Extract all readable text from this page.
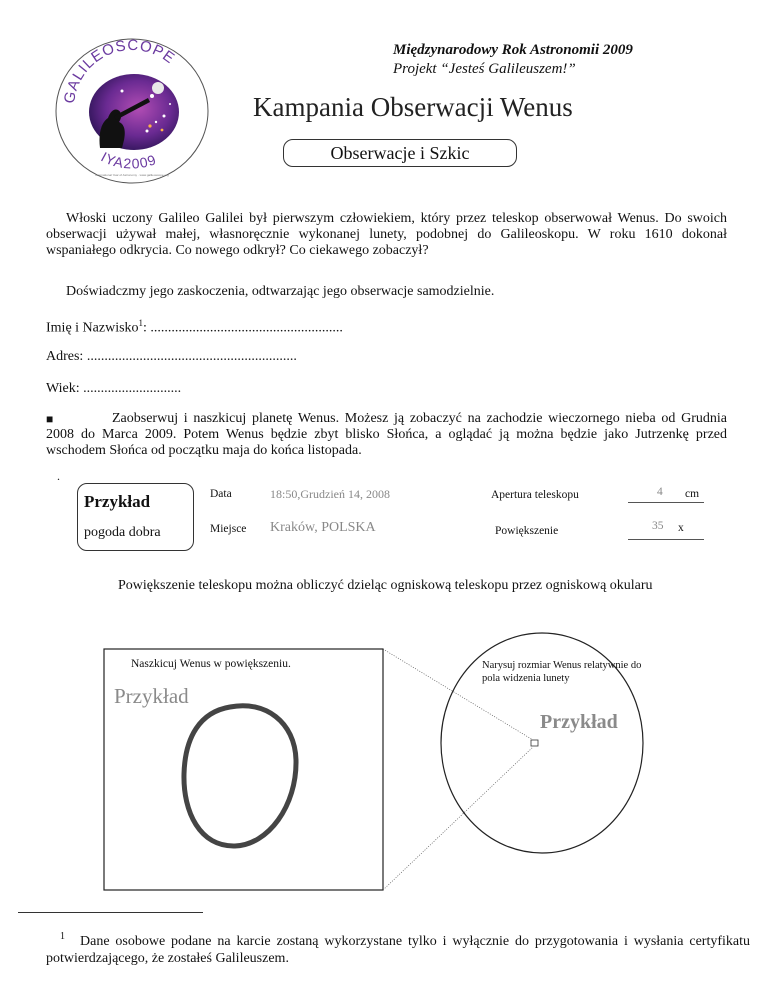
GALILEOSCOPE
IYA2009
International Year of Astronomy · www.galileoscope.org
Międzynarodowy Rok Astronomii 2009
Projekt “Jesteś Galileuszem!”
Kampania Obserwacji Wenus
Obserwacje i Szkic
Włoski uczony Galileo Galilei był pierwszym człowiekiem, który przez teleskop obserwował Wenus. Do swoich obserwacji używał małej, własnoręcznie wykonanej lunety, podobnej do Galileoskopu. W roku 1610 dokonał wspaniałego odkrycia. Co nowego odkrył? Co ciekawego zobaczył?
Doświadczmy jego zaskoczenia, odtwarzając jego obserwacje samodzielnie.
Imię i Nazwisko$^1$: .......................................................
Adres: ............................................................
Wiek: ............................
■	Zaobserwuj i naszkicuj planetę Wenus. Możesz ją zobaczyć na zachodzie wieczornego nieba od Grudnia 2008 do Marca 2009. Potem Wenus będzie zbyt blisko Słońca, a oglądać ją można będzie jako Jutrzenkę przed wschodem Słońca od początku maja do końca listopada.
.
Przykład
pogoda dobra
Data	18:50,Grudzień 14, 2008
Miejsce Kraków, POLSKA
Apertura teleskopu	4 cm
Powiększenie	35 x
Powiększenie teleskopu można obliczyć dzieląc ogniskową teleskopu przez ogniskową okularu
Naszkicuj Wenus w powiększeniu.
Przykład
Narysuj rozmiar Wenus relatywnie do pola widzenia lunety
Przykład
1	Dane osobowe podane na karcie zostaną wykorzystane tylko i wyłącznie do przygotowania i wysłania certyfikatu potwierdzającego, że zostałeś Galileuszem.
